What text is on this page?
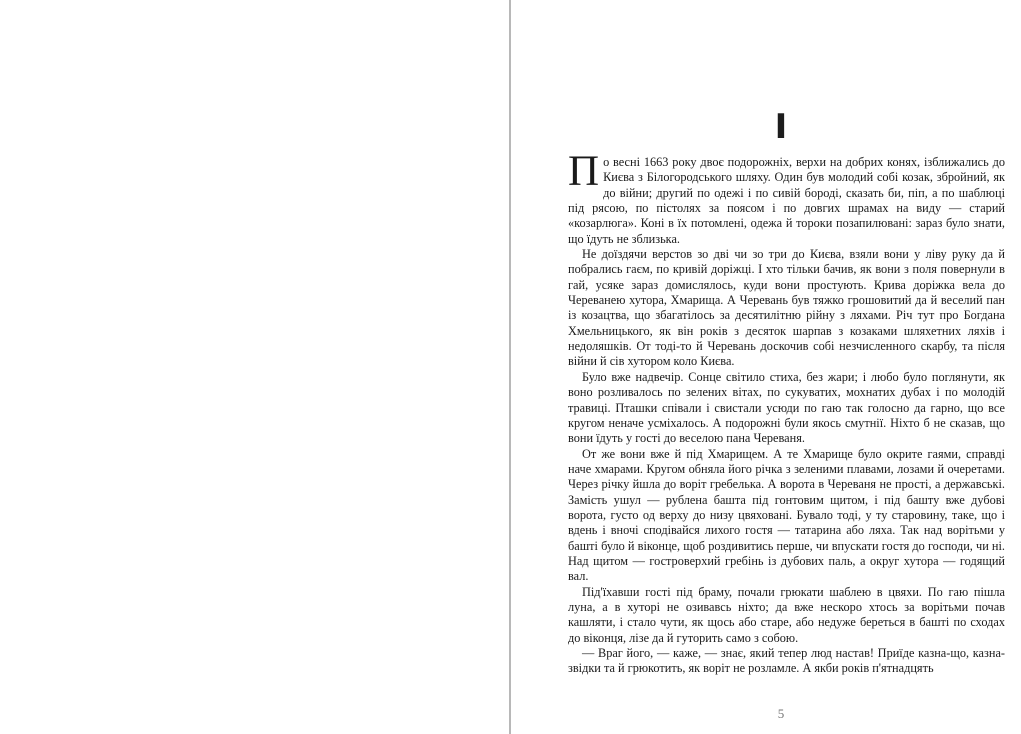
I

По весні 1663 року двоє подорожніх, верхи на добрих конях, ізближались до Києва з Білогородського шляху. Один був молодий собі козак, збройний, як до війни; другий по одежі і по сивій бороді, сказать би, піп, а по шаблюці під рясою, по пістолях за поясом і по довгих шрамах на виду — старий «козарлюга». Коні в їх потомлені, одежа й тороки позапилювані: зараз було знати, що їдуть не зблизька.

Не доїздячи верстов зо дві чи зо три до Києва, взяли вони у ліву руку да й побрались гаєм, по кривій доріжці. І хто тільки бачив, як вони з поля повернули в гай, усяке зараз домислялось, куди вони простують. Крива доріжка вела до Череванею хутора, Хмарища. А Черевань був тяжко грошовитий да й веселий пан із козацтва, що збагатілось за десятилітню рійну з ляхами. Річ тут про Богдана Хмельницького, як він років з десяток шарпав з козаками шляхетних ляхів і недоляшків. От тоді-то й Черевань доскочив собі незчисленного скарбу, та після війни й сів хутором коло Києва.

Було вже надвечір. Сонце світило стиха, без жари; і любо було поглянути, як воно розливалось по зелених вітах, по сукуватих, мохнатих дубах і по молодій травиці. Пташки співали і свистали усюди по гаю так голосно да гарно, що все кругом неначе усміхалось. А подорожні були якось смутнії. Ніхто б не сказав, що вони їдуть у гості до веселою пана Череваня.

От же вони вже й під Хмарищем. А те Хмарище було окрите гаями, справді наче хмарами. Кругом обняла його річка з зеленими плавами, лозами й очеретами. Через річку йшла до воріт гребелька. А ворота в Череваня не прості, а державські. Замість ушул — рублена башта під гонтовим щитом, і під башту вже дубові ворота, густо од верху до низу цвяховані. Бувало тоді, у ту старовину, таке, що і вдень і вночі сподівайся лихого гостя — татарина або ляха. Так над ворітьми у баштi було й віконце, щоб роздивитись перше, чи впускати гостя до господи, чи ні. Над щитом — гостроверхий гребінь із дубових паль, а округ хутора — годящий вал.

Під'їхавши гості під браму, почали грюкати шаблею в цвяхи. По гаю пішла луна, а в хуторі не озивавсь ніхто; да вже нескоро хтось за ворітьми почав кашляти, і стало чути, як щось або старе, або недуже береться в башті по сходах до віконця, лізе да й гуторить само з собою.

— Враг його, — каже, — знає, який тепер люд настав! Приїде казна-що, казна-звідки та й грюкотить, як ворiт не розламле. А якби років п'ятнадцять

5
